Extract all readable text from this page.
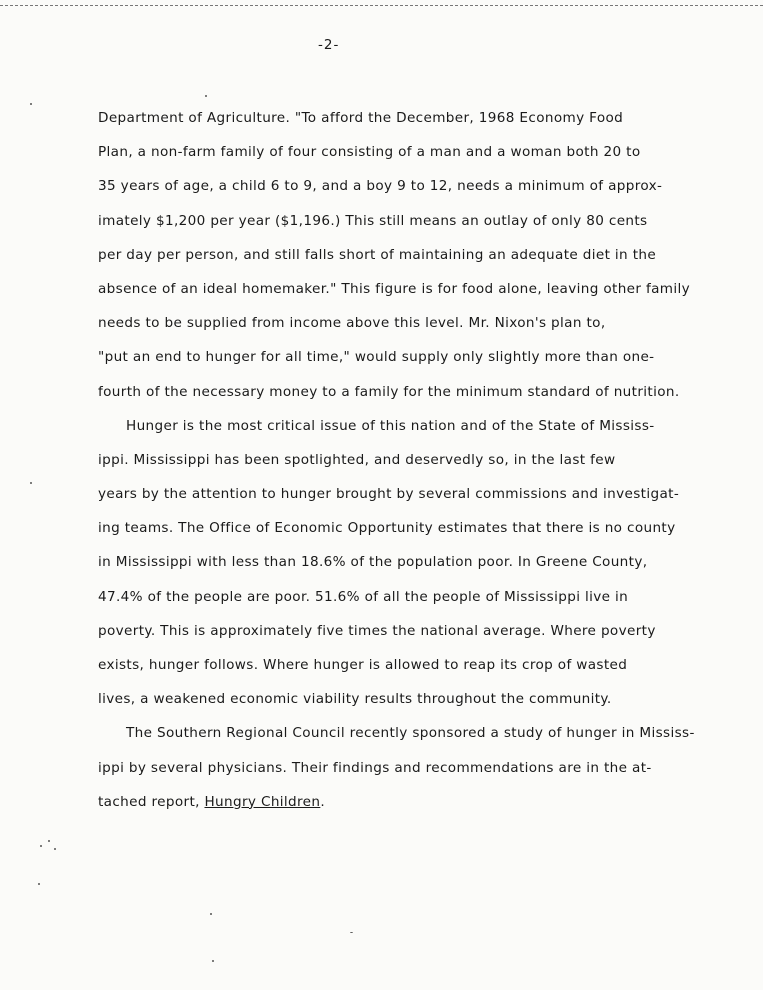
-2-
Department of Agriculture. "To afford the December, 1968 Economy Food
Plan, a non-farm family of four consisting of a man and a woman both 20 to
35 years of age, a child 6 to 9, and a boy 9 to 12, needs a minimum of approx-
imately $1,200 per year ($1,196.) This still means an outlay of only 80 cents
per day per person, and still falls short of maintaining an adequate diet in the
absence of an ideal homemaker." This figure is for food alone, leaving other family
needs to be supplied from income above this level. Mr. Nixon's plan to,
"put an end to hunger for all time," would supply only slightly more than one-
fourth of the necessary money to a family for the minimum standard of nutrition.
Hunger is the most critical issue of this nation and of the State of Mississ-
ippi. Mississippi has been spotlighted, and deservedly so, in the last few
years by the attention to hunger brought by several commissions and investigat-
ing teams. The Office of Economic Opportunity estimates that there is no county
in Mississippi with less than 18.6% of the population poor. In Greene County,
47.4% of the people are poor. 51.6% of all the people of Mississippi live in
poverty. This is approximately five times the national average. Where poverty
exists, hunger follows. Where hunger is allowed to reap its crop of wasted
lives, a weakened economic viability results throughout the community.
The Southern Regional Council recently sponsored a study of hunger in Mississ-
ippi by several physicians. Their findings and recommendations are in the at-
tached report, Hungry Children.
